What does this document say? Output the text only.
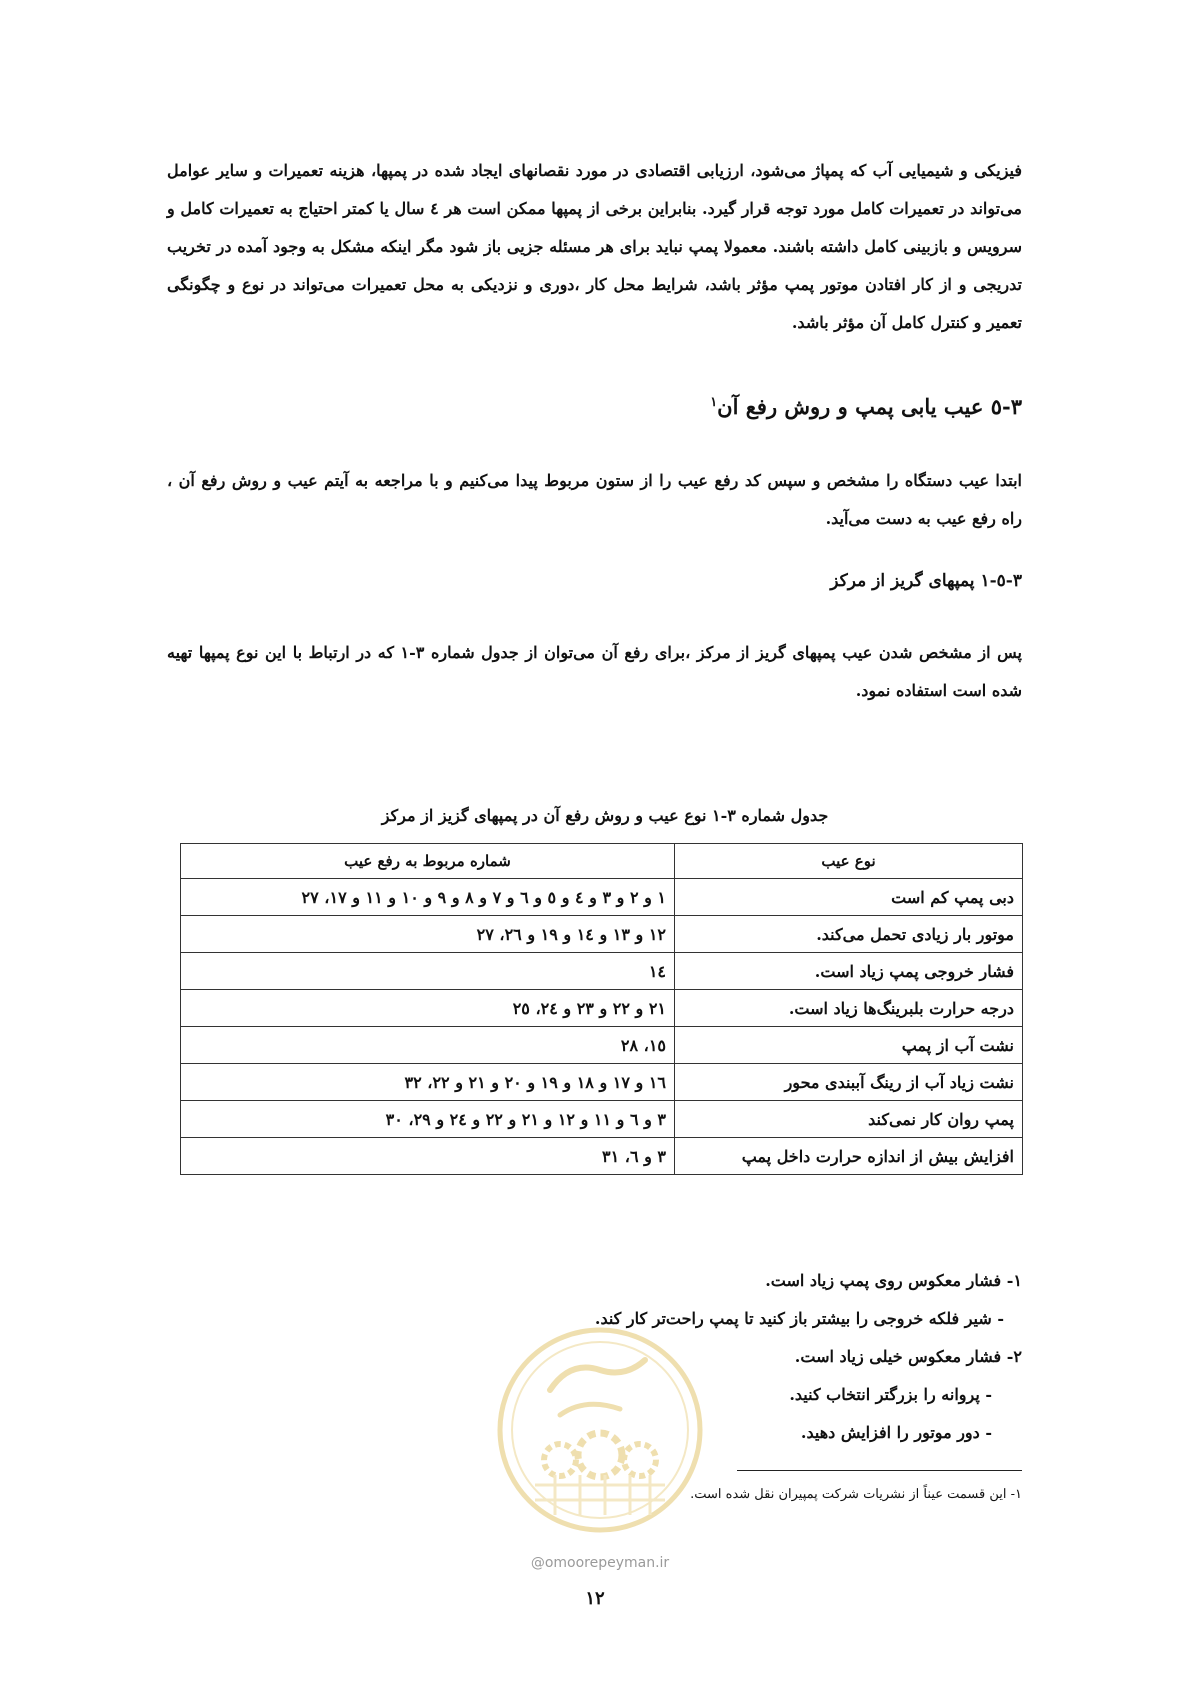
فیزیکی و شیمیایی آب که پمپاژ می‌شود، ارزیابی اقتصادی در مورد نقصانهای ایجاد شده در پمپها، هزینه تعمیرات و سایر عوامل می‌تواند در تعمیرات کامل مورد توجه قرار گیرد. بنابراین برخی از پمپها ممکن است هر ٤ سال یا کمتر احتیاج به تعمیرات کامل و سرویس و بازبینی کامل داشته باشند. معمولا پمپ نباید برای هر مسئله جزیی باز شود مگر اینکه مشکل به وجود آمده در تخریب تدریجی و از کار افتادن موتور پمپ مؤثر باشد، شرایط محل کار ،دوری و نزدیکی به محل تعمیرات می‌تواند در نوع و چگونگی تعمیر و کنترل کامل آن مؤثر باشد.

٣-٥ عیب یابی پمپ و روش رفع آن$^١$

ابتدا عیب دستگاه را مشخص و سپس کد رفع عیب را از ستون مربوط پیدا می‌کنیم و با مراجعه به آیتم عیب و روش رفع آن ، راه رفع عیب به دست می‌آید.

٣-٥-١ پمپهای گریز از مرکز

پس از مشخص شدن عیب پمپهای گریز از مرکز ،برای رفع آن می‌توان از جدول شماره ٣-١ که در ارتباط با این نوع پمپها تهیه شده است استفاده نمود.

جدول شماره ٣-١ نوع عیب و روش رفع آن در پمپهای گزیز از مرکز
نوع عیب	شماره مربوط به رفع عیب
دبی پمپ کم است	١ و ٢ و ٣ و ٤ و ٥ و ٦ و ٧ و ٨ و ٩ و ١٠ و ١١ و ١٧، ٢٧
موتور بار زیادی تحمل می‌کند.	١٢ و ١٣ و ١٤ و ١٩ و ٢٦، ٢٧
فشار خروجی پمپ زیاد است.	١٤
درجه حرارت بلبرینگ‌ها زیاد است.	٢١ و ٢٢ و ٢٣ و ٢٤، ٢٥
نشت آب از پمپ	١٥، ٢٨
نشت زیاد آب از رینگ آببندی محور	١٦ و ١٧ و ١٨ و ١٩ و ٢٠ و ٢١ و ٢٢، ٣٢
پمپ روان کار نمی‌کند	٣ و ٦ و ١١ و ١٢ و ٢١ و ٢٢ و ٢٤ و ٢٩، ٣٠
افزایش بیش از اندازه حرارت داخل پمپ	٣ و ٦، ٣١
١- فشار معکوس روی پمپ زیاد است.
- شیر فلکه خروجی را بیشتر باز کنید تا پمپ راحت‌تر کار کند.
٢- فشار معکوس خیلی زیاد است.
- پروانه را بزرگتر انتخاب کنید.
- دور موتور را افزایش دهید.
١- این قسمت عیناً از نشریات شرکت پمپیران نقل شده است.
@omoorepeyman.ir
١٢
